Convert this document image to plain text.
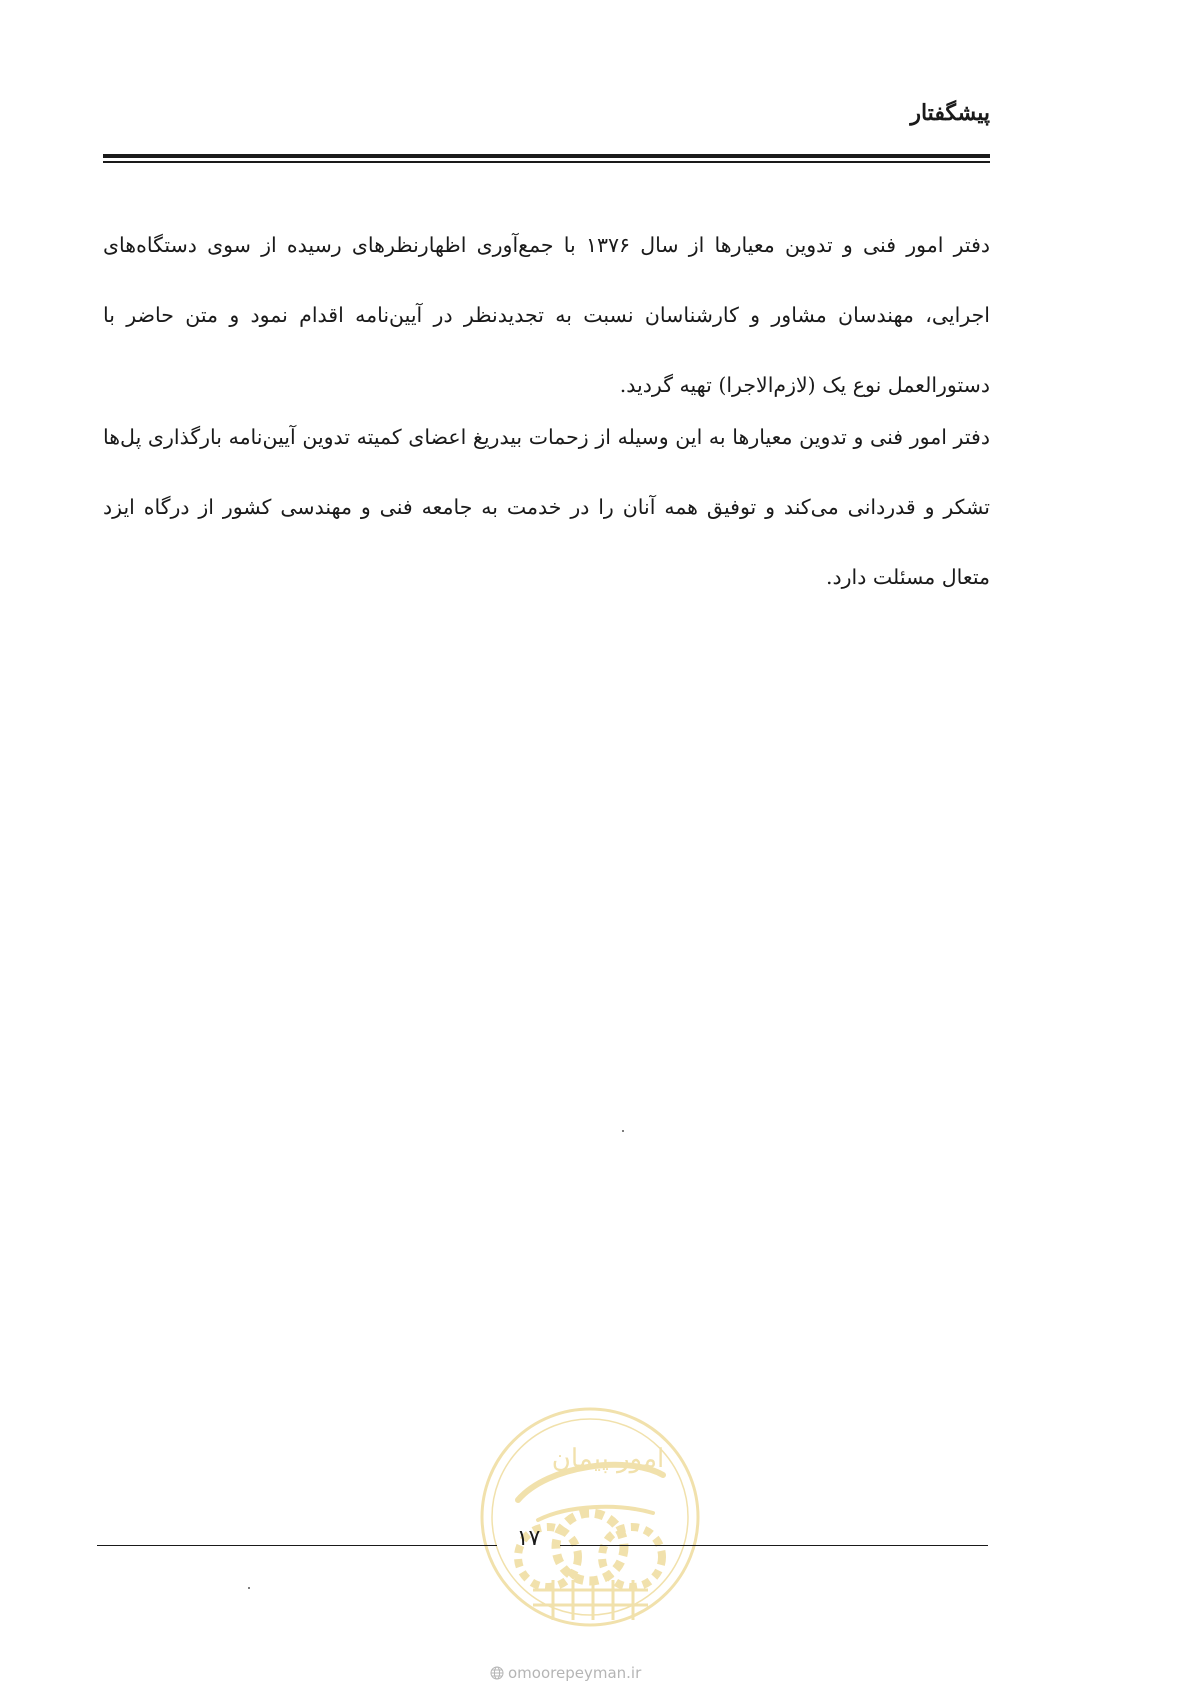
پیشگفتار

دفتر امور فنی و تدوین معیارها از سال ۱۳۷۶ با جمع‌آوری اظهارنظرهای رسیده از سوی دستگاه‌های اجرایی، مهندسان مشاور و کارشناسان نسبت به تجدیدنظر در آیین‌نامه اقدام نمود و متن حاضر با دستورالعمل نوع یک (لازم‌الاجرا) تهیه گردید.

دفتر امور فنی و تدوین معیارها به این وسیله از زحمات بیدریغ اعضای کمیته تدوین آیین‌نامه بارگذاری پل‌ها تشکر و قدردانی می‌کند و توفیق همه آنان را در خدمت به جامعه فنی و مهندسی کشور از درگاه ایزد متعال مسئلت دارد.

امور پیمان
۱۷
omoorepeyman.ir
